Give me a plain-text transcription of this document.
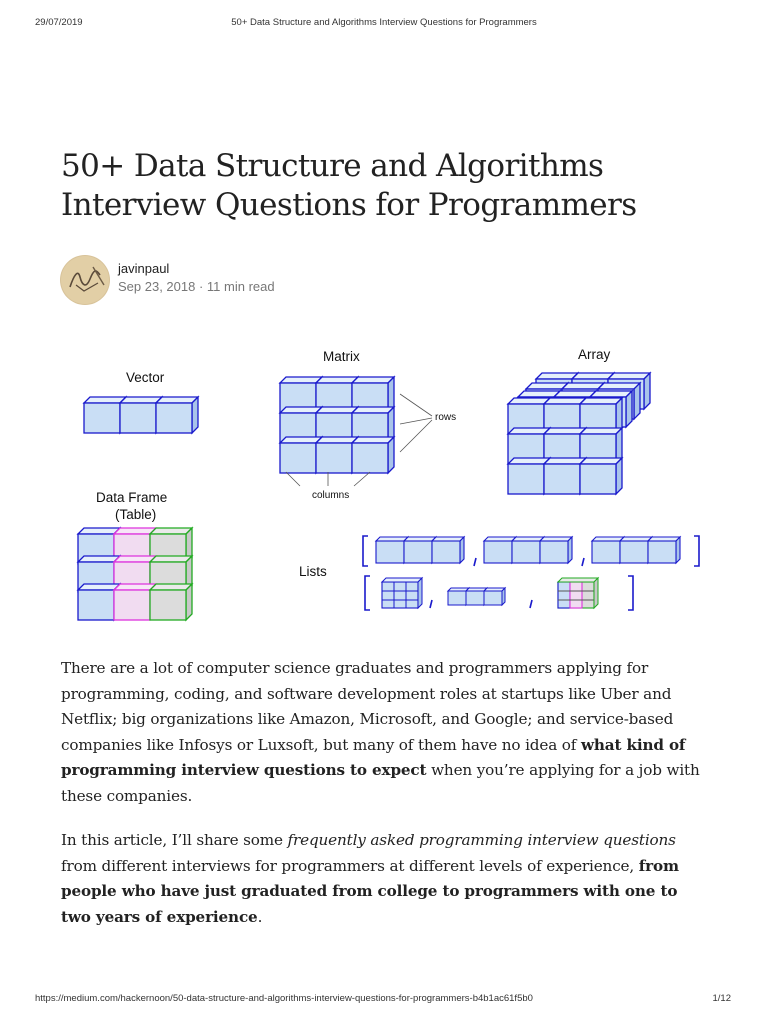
29/07/2019	50+ Data Structure and Algorithms Interview Questions for Programmers
50+ Data Structure and Algorithms Interview Questions for Programmers
javinpaul
Sep 23, 2018 · 11 min read
Vector
Matrix
rows
columns
Array
Data Frame
(Table)
Lists

There are a lot of computer science graduates and programmers applying for programming, coding, and software development roles at startups like Uber and Netflix; big organizations like Amazon, Microsoft, and Google; and service-based companies like Infosys or Luxsoft, but many of them have no idea of what kind of programming interview questions to expect when you’re applying for a job with these companies.

In this article, I’ll share some frequently asked programming interview questions from different interviews for programmers at different levels of experience, from people who have just graduated from college to programmers with one to two years of experience.

https://medium.com/hackernoon/50-data-structure-and-algorithms-interview-questions-for-programmers-b4b1ac61f5b0	1/12
